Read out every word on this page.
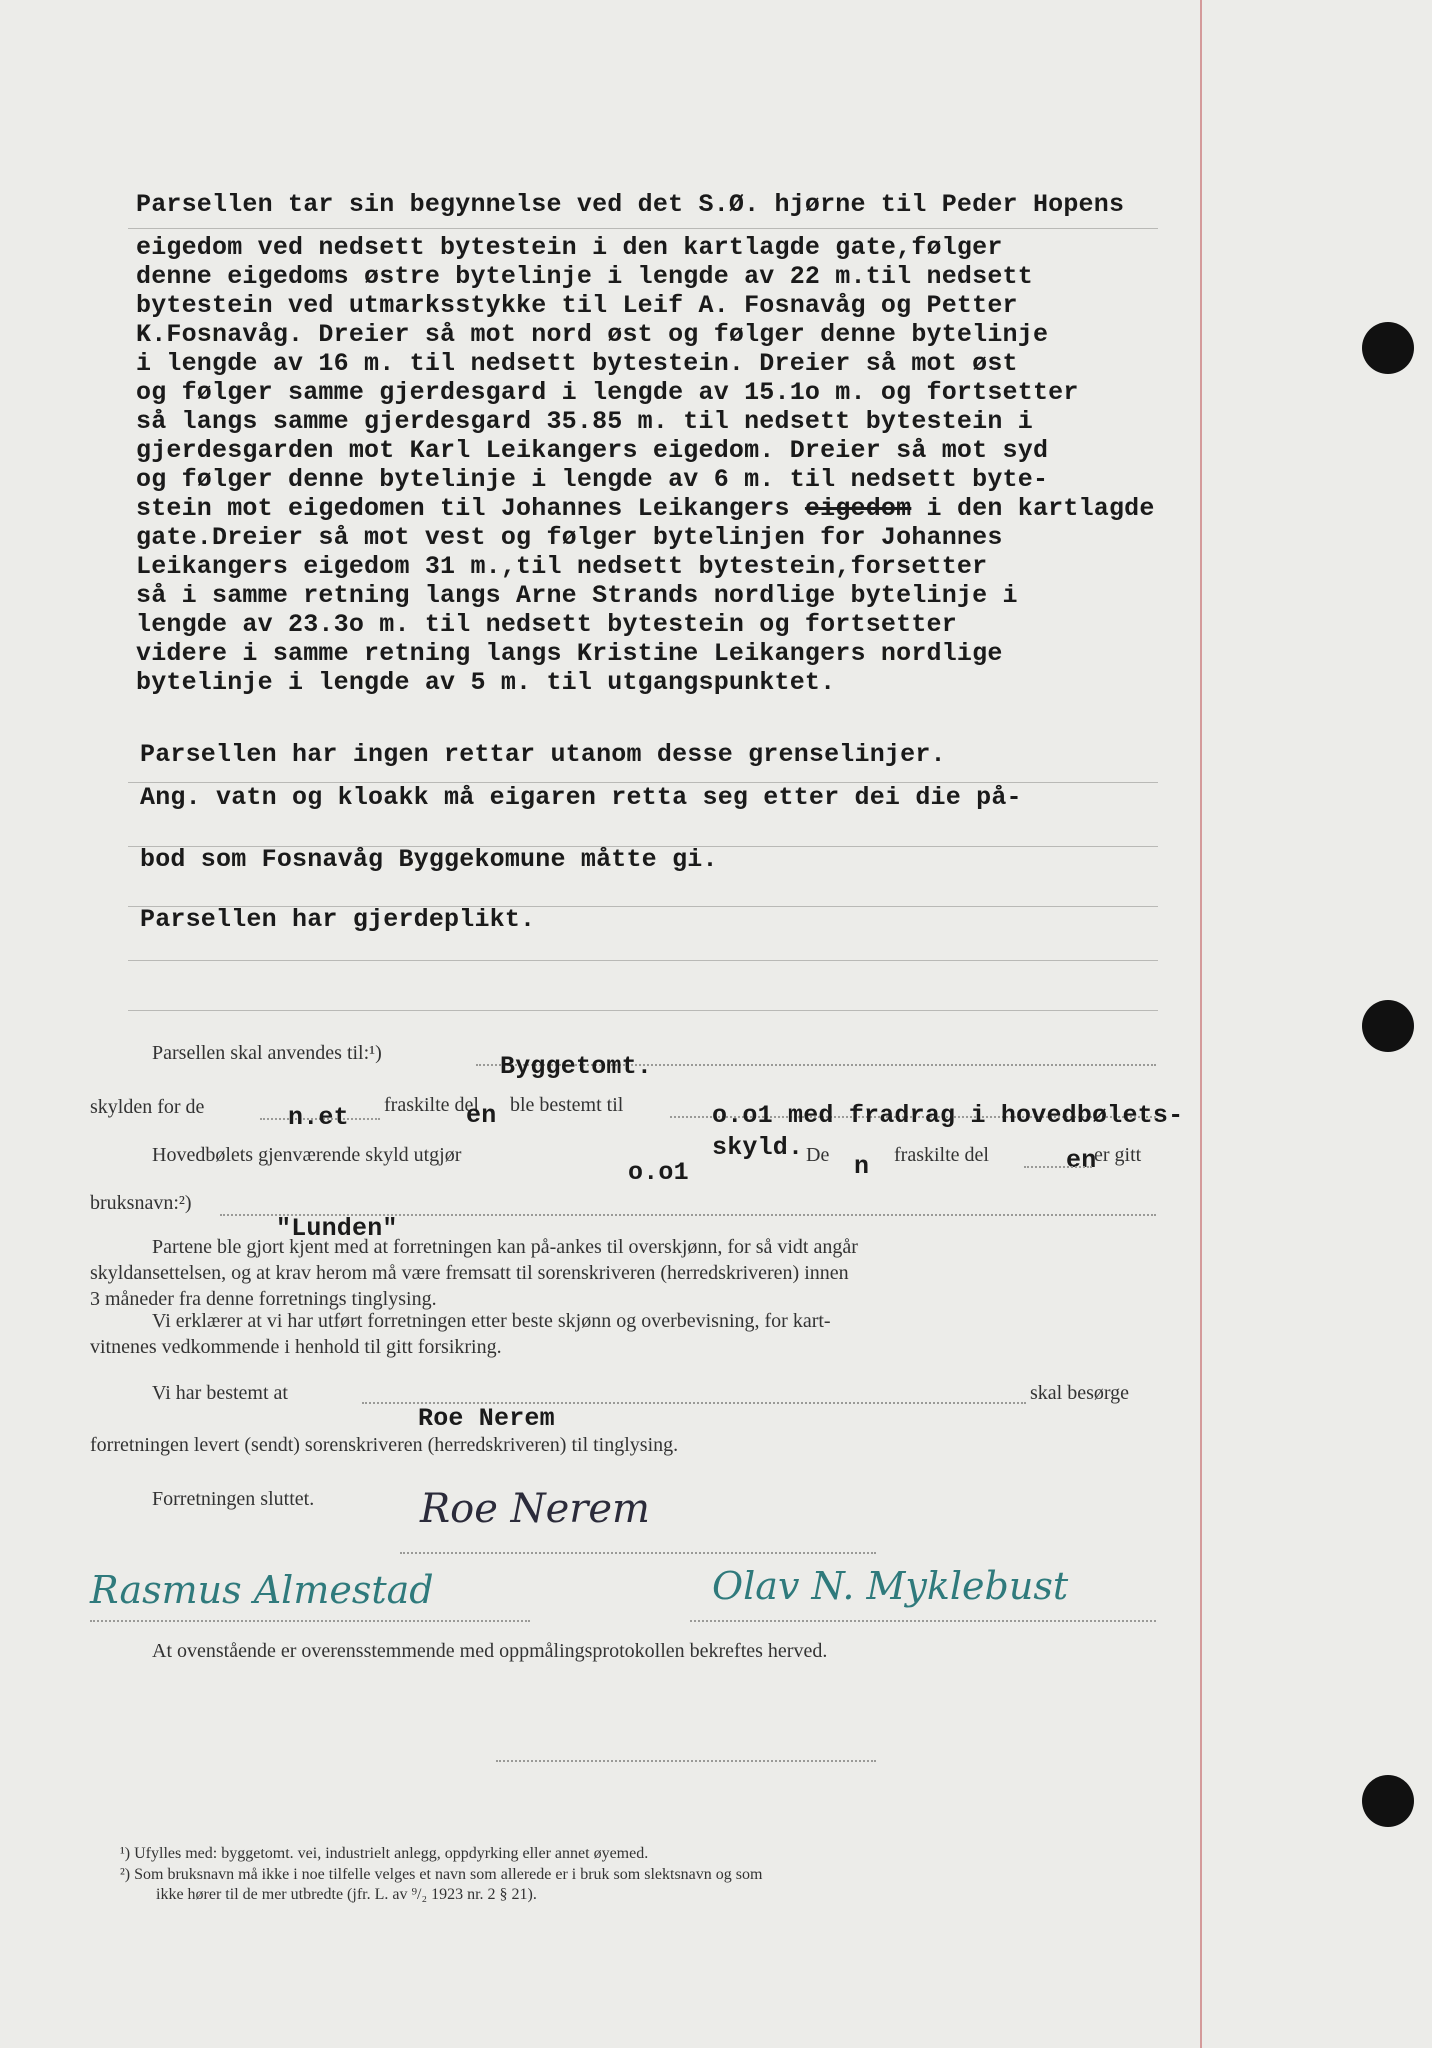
Parsellen tar sin begynnelse ved det S.Ø. hjørne til Peder Hopens
eigedom ved nedsett bytestein i den kartlagde gate,følger
denne eigedoms østre bytelinje i lengde av 22 m.til nedsett
bytestein ved utmarksstykke til Leif A. Fosnavåg og Petter
K.Fosnavåg. Dreier så mot nord øst og følger denne bytelinje
i lengde av 16 m. til nedsett bytestein. Dreier så mot øst
og følger samme gjerdesgard i lengde av 15.1o m. og fortsetter
så langs samme gjerdesgard 35.85 m. til nedsett bytestein i
gjerdesgarden mot Karl Leikangers eigedom. Dreier så mot syd
og følger denne bytelinje i lengde av 6 m. til nedsett byte-
stein mot eigedomen til Johannes Leikangers eigedom i den kartlagde
gate.Dreier så mot vest og følger bytelinjen for Johannes
Leikangers eigedom 31 m.,til nedsett bytestein,forsetter
så i samme retning langs Arne Strands nordlige bytelinje i
lengde av 23.3o m. til nedsett bytestein og fortsetter
videre i samme retning langs Kristine Leikangers nordlige
bytelinje i lengde av 5 m. til utgangspunktet.
Parsellen har ingen rettar utanom desse grenselinjer.
Ang. vatn og kloakk må eigaren retta seg etter dei die på-
bod som Fosnavåg Byggekomune måtte gi.
Parsellen har gjerdeplikt.
Parsellen skal anvendes til:¹)	Byggetomt.
skylden for de	n.et fraskilte del
en ble bestemt til	o.o1 med fradrag i hovedbølets-
Hovedbølets gjenværende skyld utgjør	skyld. De n fraskilte del	en
er gitt
o.o1
bruksnavn:²)
"Lunden"
Partene ble gjort kjent med at forretningen kan på-ankes til overskjønn, for så vidt angår
skyldansettelsen, og at krav herom må være fremsatt til sorenskriveren (herredskriveren) innen
3 måneder fra denne forretnings tinglysing.
Vi erklærer at vi har utført forretningen etter beste skjønn og overbevisning, for kart-
vitnenes vedkommende i henhold til gitt forsikring.
Vi har bestemt at	skal besørge
Roe Nerem
forretningen levert (sendt) sorenskriveren (herredskriveren) til tinglysing.
Forretningen sluttet.	Roe Nerem
Rasmus Almestad	Olav N. Myklebust
At ovenstående er overensstemmende med oppmålingsprotokollen bekreftes herved.
¹) Ufylles med: byggetomt. vei, industrielt anlegg, oppdyrking eller annet øyemed.
²) Som bruksnavn må ikke i noe tilfelle velges et navn som allerede er i bruk som slektsnavn og som
ikke hører til de mer utbredte (jfr. L. av ⁹/₂ 1923 nr. 2 § 21).
